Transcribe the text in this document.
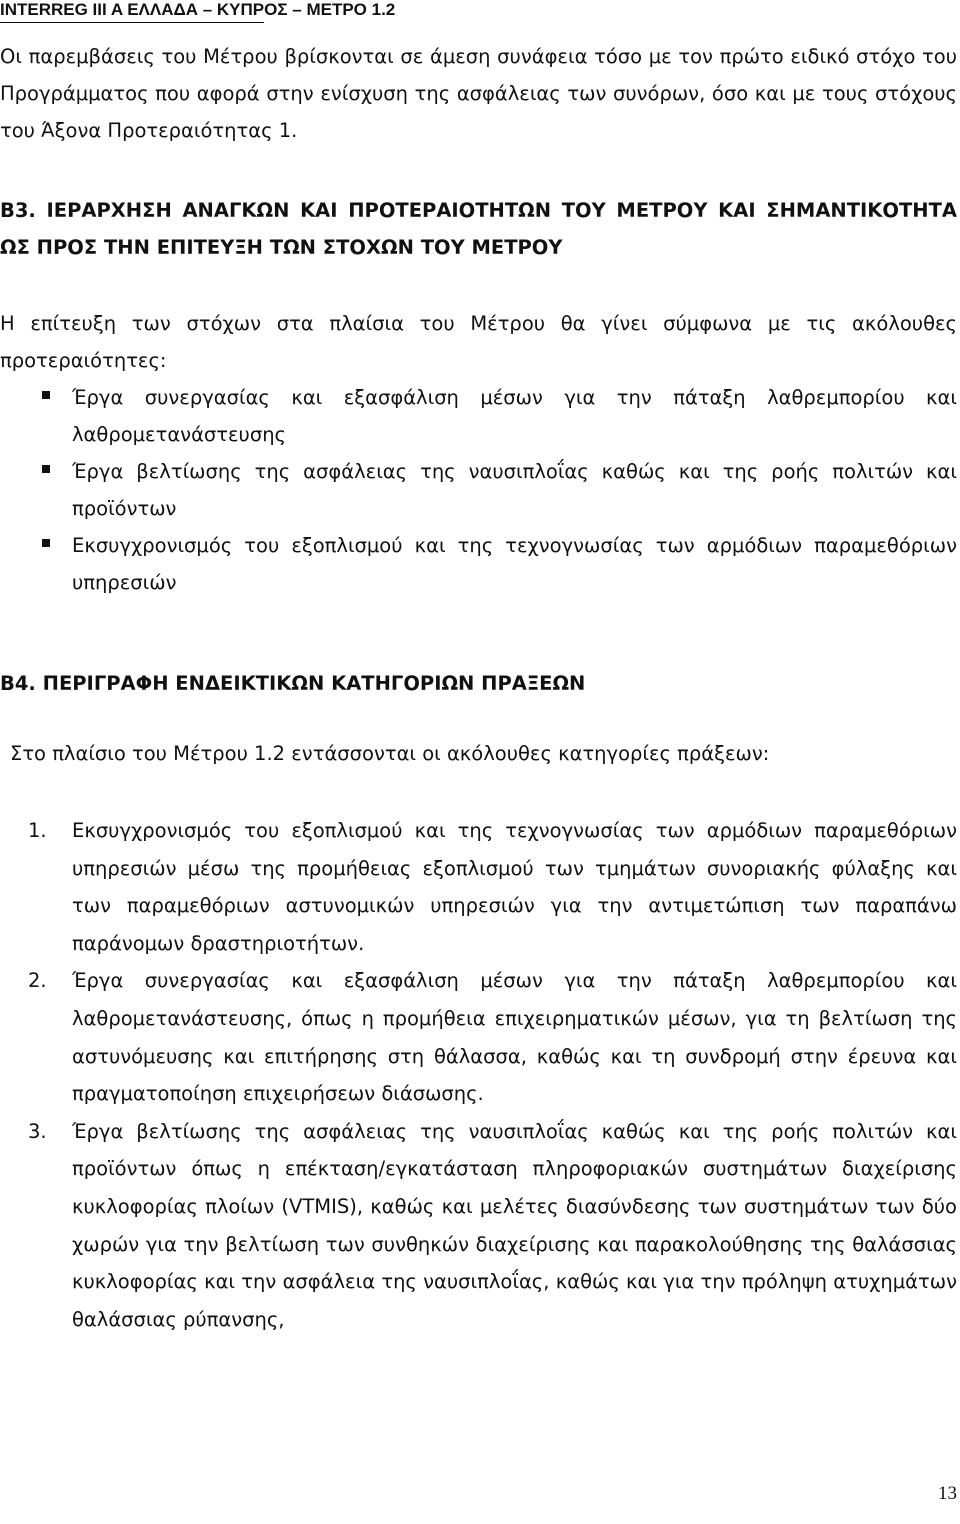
INTERREG III A ΕΛΛΑΔΑ – ΚΥΠΡΟΣ – ΜΕΤΡΟ 1.2

Οι παρεμβάσεις του Μέτρου βρίσκονται σε άμεση συνάφεια τόσο με τον πρώτο ειδικό στόχο του Προγράμματος που αφορά στην ενίσχυση της ασφάλειας των συνόρων, όσο και με τους στόχους του Άξονα Προτεραιότητας 1.

Β3. ΙΕΡΑΡΧΗΣΗ ΑΝΑΓΚΩΝ ΚΑΙ ΠΡΟΤΕΡΑΙΟΤΗΤΩΝ ΤΟΥ ΜΕΤΡΟΥ ΚΑΙ ΣΗΜΑΝΤΙΚΟΤΗΤΑ ΩΣ ΠΡΟΣ ΤΗΝ ΕΠΙΤΕΥΞΗ ΤΩΝ ΣΤΟΧΩΝ ΤΟΥ ΜΕΤΡΟΥ

Η επίτευξη των στόχων στα πλαίσια του Μέτρου θα γίνει σύμφωνα με τις ακόλουθες προτεραιότητες:

Έργα συνεργασίας και εξασφάλιση μέσων για την πάταξη λαθρεμπορίου και λαθρομετανάστευσης
Έργα βελτίωσης της ασφάλειας της ναυσιπλοΐας καθώς και της ροής πολιτών και προϊόντων
Εκσυγχρονισμός του εξοπλισμού και της τεχνογνωσίας των αρμόδιων παραμεθόριων υπηρεσιών
Β4. ΠΕΡΙΓΡΑΦΗ ΕΝΔΕΙΚΤΙΚΩΝ ΚΑΤΗΓΟΡΙΩΝ ΠΡΑΞΕΩΝ

Στο πλαίσιο του Μέτρου 1.2 εντάσσονται οι ακόλουθες κατηγορίες πράξεων:

1. Εκσυγχρονισμός του εξοπλισμού και της τεχνογνωσίας των αρμόδιων παραμεθόριων υπηρεσιών μέσω της προμήθειας εξοπλισμού των τμημάτων συνοριακής φύλαξης και των παραμεθόριων αστυνομικών υπηρεσιών για την αντιμετώπιση των παραπάνω παράνομων δραστηριοτήτων.
2. Έργα συνεργασίας και εξασφάλιση μέσων για την πάταξη λαθρεμπορίου και λαθρομετανάστευσης, όπως η προμήθεια επιχειρηματικών μέσων, για τη βελτίωση της αστυνόμευσης και επιτήρησης στη θάλασσα, καθώς και τη συνδρομή στην έρευνα και πραγματοποίηση επιχειρήσεων διάσωσης.
3. Έργα βελτίωσης της ασφάλειας της ναυσιπλοΐας καθώς και της ροής πολιτών και προϊόντων όπως η επέκταση/εγκατάσταση πληροφοριακών συστημάτων διαχείρισης κυκλοφορίας πλοίων (VTMIS), καθώς και μελέτες διασύνδεσης των συστημάτων των δύο χωρών για την βελτίωση των συνθηκών διαχείρισης και παρακολούθησης της θαλάσσιας κυκλοφορίας και την ασφάλεια της ναυσιπλοΐας, καθώς και για την πρόληψη ατυχημάτων θαλάσσιας ρύπανσης,
13
